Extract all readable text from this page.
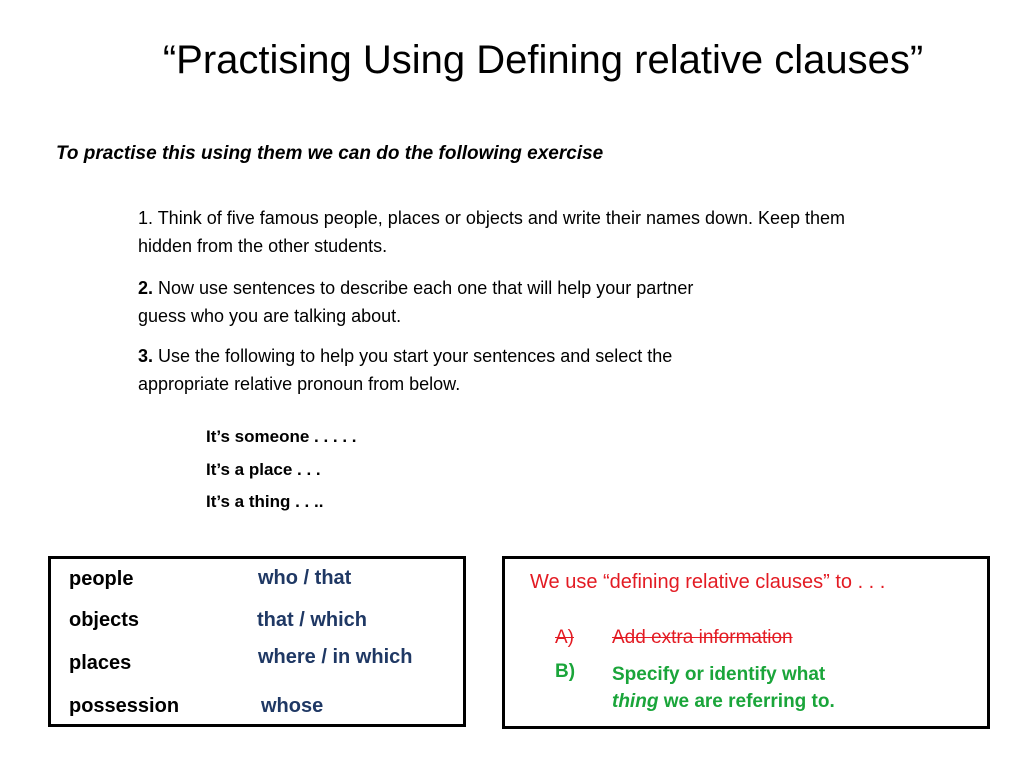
“Practising Using Defining relative clauses”
To practise this using them we can do the following exercise
1. Think of five famous people, places or objects and write their names down. Keep them hidden from the other students.
2. Now use sentences to describe each one that will help your partner guess who you are talking about.
3. Use the following to help you start your sentences and select the appropriate relative pronoun from below.
It’s someone . . . . .
It’s a place . . .
It’s a thing . . ..
people	who / that
objects	that / which
places	where / in which
possession	whose
We use “defining relative clauses” to . . .
A) Add extra information
B) Specify or identify what
thing we are referring to.
